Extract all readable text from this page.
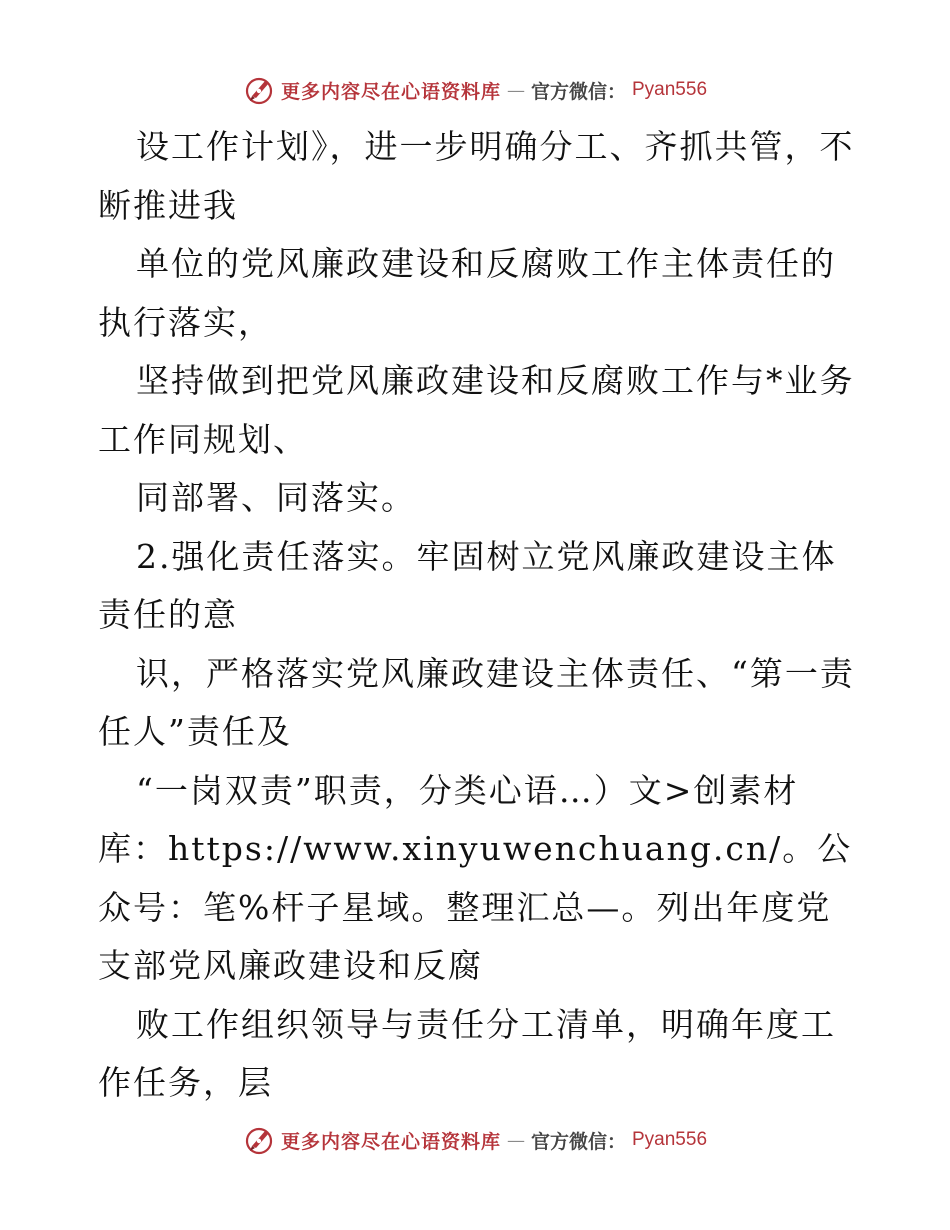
更多内容尽在心语资料库 — 官方微信： Pyan556

设工作计划》，进一步明确分工、齐抓共管，不断推进我

单位的党风廉政建设和反腐败工作主体责任的执行落实，

坚持做到把党风廉政建设和反腐败工作与*业务工作同规划、

同部署、同落实。

2.强化责任落实。牢固树立党风廉政建设主体责任的意

识，严格落实党风廉政建设主体责任、“第一责任人”责任及

“一岗双责”职责，分类心语…）文>创素材

库：https://www.xinyuwenchuang.cn/。公众号：笔%杆子星域。整理汇总—。列出年度党支部党风廉政建设和反腐

败工作组织领导与责任分工清单，明确年度工作任务，层

更多内容尽在心语资料库 — 官方微信： Pyan556
